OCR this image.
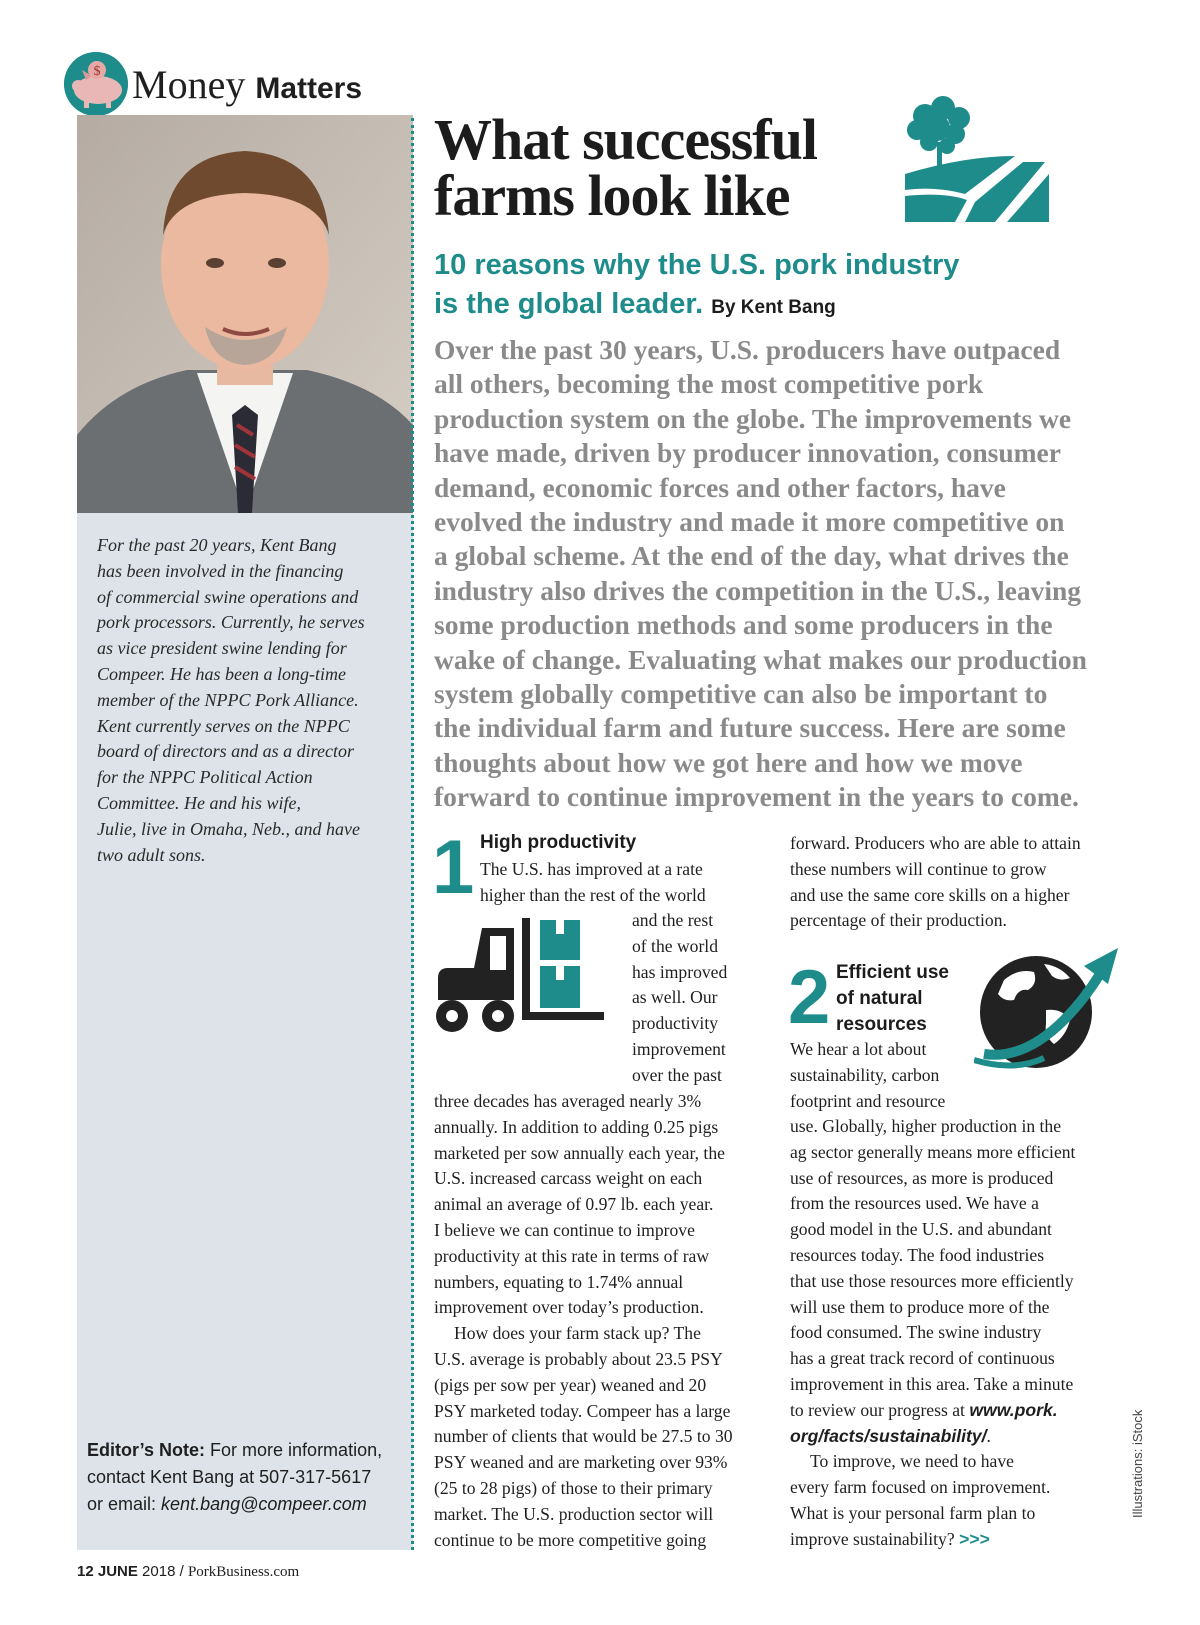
$ Money Matters
For the past 20 years, Kent Bang
has been involved in the financing
of commercial swine operations and
pork processors. Currently, he serves
as vice president swine lending for
Compeer. He has been a long-time
member of the NPPC Pork Alliance.
Kent currently serves on the NPPC
board of directors and as a director
for the NPPC Political Action
Committee. He and his wife,
Julie, live in Omaha, Neb., and have
two adult sons.
Editor’s Note: For more information,
contact Kent Bang at 507-317-5617
or email: kent.bang@compeer.com
What successful
farms look like
10 reasons why the U.S. pork industry
is the global leader. By Kent Bang
Over the past 30 years, U.S. producers have outpaced
all others, becoming the most competitive pork
production system on the globe. The improvements we
have made, driven by producer innovation, consumer
demand, economic forces and other factors, have
evolved the industry and made it more competitive on
a global scheme. At the end of the day, what drives the
industry also drives the competition in the U.S., leaving
some production methods and some producers in the
wake of change. Evaluating what makes our production
system globally competitive can also be important to
the individual farm and future success. Here are some
thoughts about how we got here and how we move
forward to continue improvement in the years to come.
1 High productivity
The U.S. has improved at a rate
higher than the rest of the world
and the rest
of the world
has improved
as well. Our
productivity
improvement
over the past
three decades has averaged nearly 3%
annually. In addition to adding 0.25 pigs
marketed per sow annually each year, the
U.S. increased carcass weight on each
animal an average of 0.97 lb. each year.
I believe we can continue to improve
productivity at this rate in terms of raw
numbers, equating to 1.74% annual
improvement over today’s production.
How does your farm stack up? The
U.S. average is probably about 23.5 PSY
(pigs per sow per year) weaned and 20
PSY marketed today. Compeer has a large
number of clients that would be 27.5 to 30
PSY weaned and are marketing over 93%
(25 to 28 pigs) of those to their primary
market. The U.S. production sector will
continue to be more competitive going
forward. Producers who are able to attain
these numbers will continue to grow
and use the same core skills on a higher
percentage of their production.
2 Efficient use
of natural
resources
We hear a lot about
sustainability, carbon
footprint and resource
use. Globally, higher production in the
ag sector generally means more efficient
use of resources, as more is produced
from the resources used. We have a
good model in the U.S. and abundant
resources today. The food industries
that use those resources more efficiently
will use them to produce more of the
food consumed. The swine industry
has a great track record of continuous
improvement in this area. Take a minute
to review our progress at www.pork.
org/facts/sustainability/.
To improve, we need to have
every farm focused on improvement.
What is your personal farm plan to
improve sustainability? >>>
Illustrations: iStock
12 JUNE 2018 / PorkBusiness.com
